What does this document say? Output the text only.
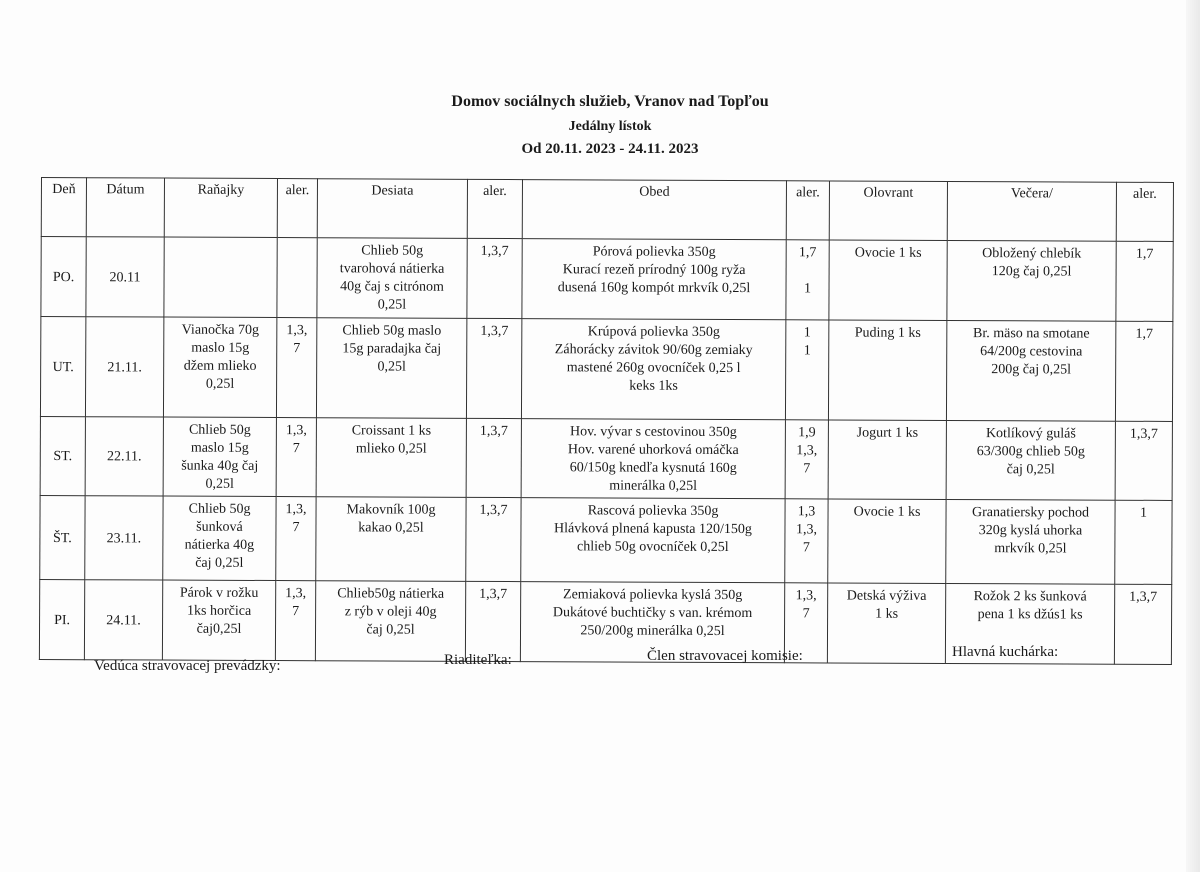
Domov sociálnych služieb, Vranov nad Topľou
Jedálny lístok
Od 20.11. 2023 - 24.11. 2023
Deň	Dátum	Raňajky	aler.	Desiata	aler.	Obed	aler.	Olovrant	Večera/	aler.
PO.	20.11			Chlieb 50g
tvarohová nátierka
40g čaj s citrónom
0,25l	1,3,7	Pórová polievka 350g
Kurací rezeň prírodný 100g ryža
dusená 160g kompót mrkvík 0,25l	1,7

1	Ovocie 1 ks	Obložený chlebík
120g čaj 0,25l	1,7
UT.	21.11.	Vianočka 70g
maslo 15g
džem mlieko
0,25l	1,3,
7	Chlieb 50g maslo
15g paradajka čaj
0,25l	1,3,7	Krúpová polievka 350g
Záhorácky závitok 90/60g zemiaky
mastené 260g ovocníček 0,25 l
keks 1ks	1
1	Puding 1 ks	Br. mäso na smotane
64/200g cestovina
200g čaj 0,25l	1,7
ST.	22.11.	Chlieb 50g
maslo 15g
šunka 40g čaj
0,25l	1,3,
7	Croissant 1 ks
mlieko 0,25l	1,3,7	Hov. vývar s cestovinou 350g
Hov. varené uhorková omáčka
60/150g knedľa kysnutá 160g
minerálka 0,25l	1,9
1,3,
7	Jogurt 1 ks	Kotlíkový guláš
63/300g chlieb 50g
čaj 0,25l	1,3,7
ŠT.	23.11.	Chlieb 50g
šunková
nátierka 40g
čaj 0,25l	1,3,
7	Makovník 100g
kakao 0,25l	1,3,7	Rascová polievka 350g
Hlávková plnená kapusta 120/150g
chlieb 50g ovocníček 0,25l	1,3
1,3,
7	Ovocie 1 ks	Granatiersky pochod
320g kyslá uhorka
mrkvík 0,25l	1
PI.	24.11.	Párok v rožku
1ks horčica
čaj0,25l	1,3,
7	Chlieb50g nátierka
z rýb v oleji 40g
čaj 0,25l	1,3,7	Zemiaková polievka kyslá 350g
Dukátové buchtičky s van. krémom
250/200g minerálka 0,25l	1,3,
7	Detská výživa
1 ks	Rožok 2 ks šunková
pena 1 ks džús1 ks	1,3,7
Vedúca stravovacej prevádzky:	Riaditeľka:	Člen stravovacej komisie:	Hlavná kuchárka:
